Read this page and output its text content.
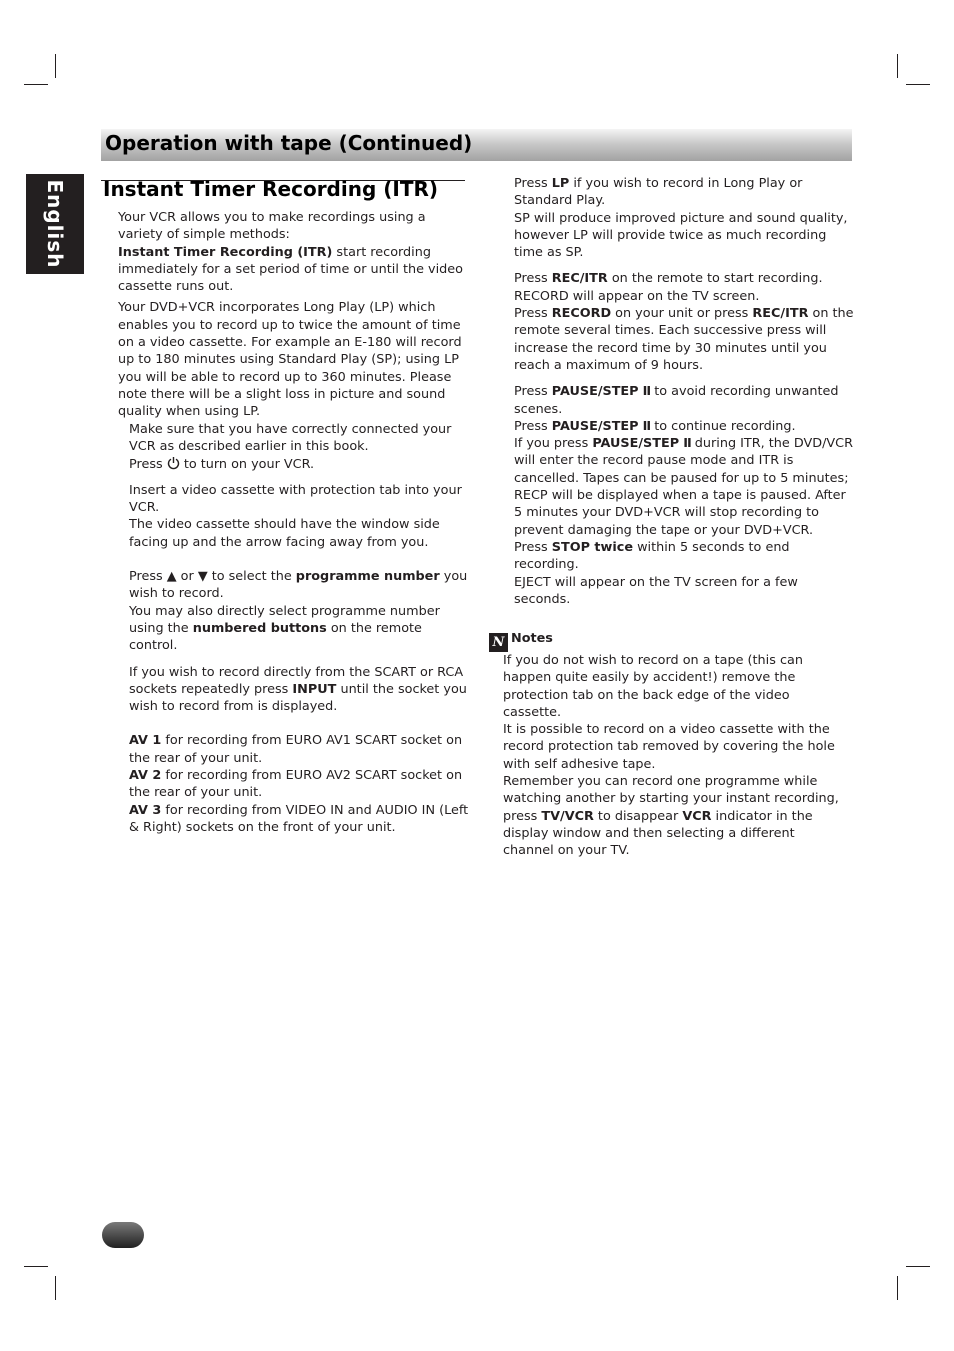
Operation with tape (Continued)
English Instant Timer Recording (ITR)

Your VCR allows you to make recordings using a variety of simple methods:

Instant Timer Recording (ITR) start recording immediately for a set period of time or until the video cassette runs out.

Your DVD+VCR incorporates Long Play (LP) which enables you to record up to twice the amount of time on a video cassette. For example an E-180 will record up to 180 minutes using Standard Play (SP); using LP you will be able to record up to 360 minutes. Please note there will be a slight loss in picture and sound quality when using LP.

Make sure that you have correctly connected your VCR as described earlier in this book.

Press  to turn on your VCR.

Insert a video cassette with protection tab into your VCR.

The video cassette should have the window side facing up and the arrow facing away from you.

Press ▲ or ▼ to select the programme number you wish to record.

You may also directly select programme number using the numbered buttons on the remote control.

If you wish to record directly from the SCART or RCA sockets repeatedly press INPUT until the socket you wish to record from is displayed.

AV 1 for recording from EURO AV1 SCART socket on the rear of your unit.

AV 2 for recording from EURO AV2 SCART socket on the rear of your unit.

AV 3 for recording from VIDEO IN and AUDIO IN (Left & Right) sockets on the front of your unit.

Press LP if you wish to record in Long Play or Standard Play.

SP will produce improved picture and sound quality, however LP will provide twice as much recording time as SP.

Press REC/ITR on the remote to start recording.

RECORD will appear on the TV screen.

Press RECORD on your unit or press REC/ITR on the remote several times. Each successive press will increase the record time by 30 minutes until you reach a maximum of 9 hours.

Press PAUSE/STEP II to avoid recording unwanted scenes.

Press PAUSE/STEP II to continue recording.

If you press PAUSE/STEP II during ITR, the DVD/VCR will enter the record pause mode and ITR is cancelled. Tapes can be paused for up to 5 minutes; RECP will be displayed when a tape is paused. After 5 minutes your DVD+VCR will stop recording to

prevent damaging the tape or your DVD+VCR.

Press STOP twice within 5 seconds to end recording.

EJECT will appear on the TV screen for a few seconds.

N Notes

If you do not wish to record on a tape (this can

happen quite easily by accident!) remove the

protection tab on the back edge of the video cassette.

It is possible to record on a video cassette with the record protection tab removed by covering the hole with self adhesive tape.

Remember you can record one programme while watching another by starting your instant recording, press TV/VCR to disappear VCR indicator in the

display window and then selecting a different channel on your TV.
